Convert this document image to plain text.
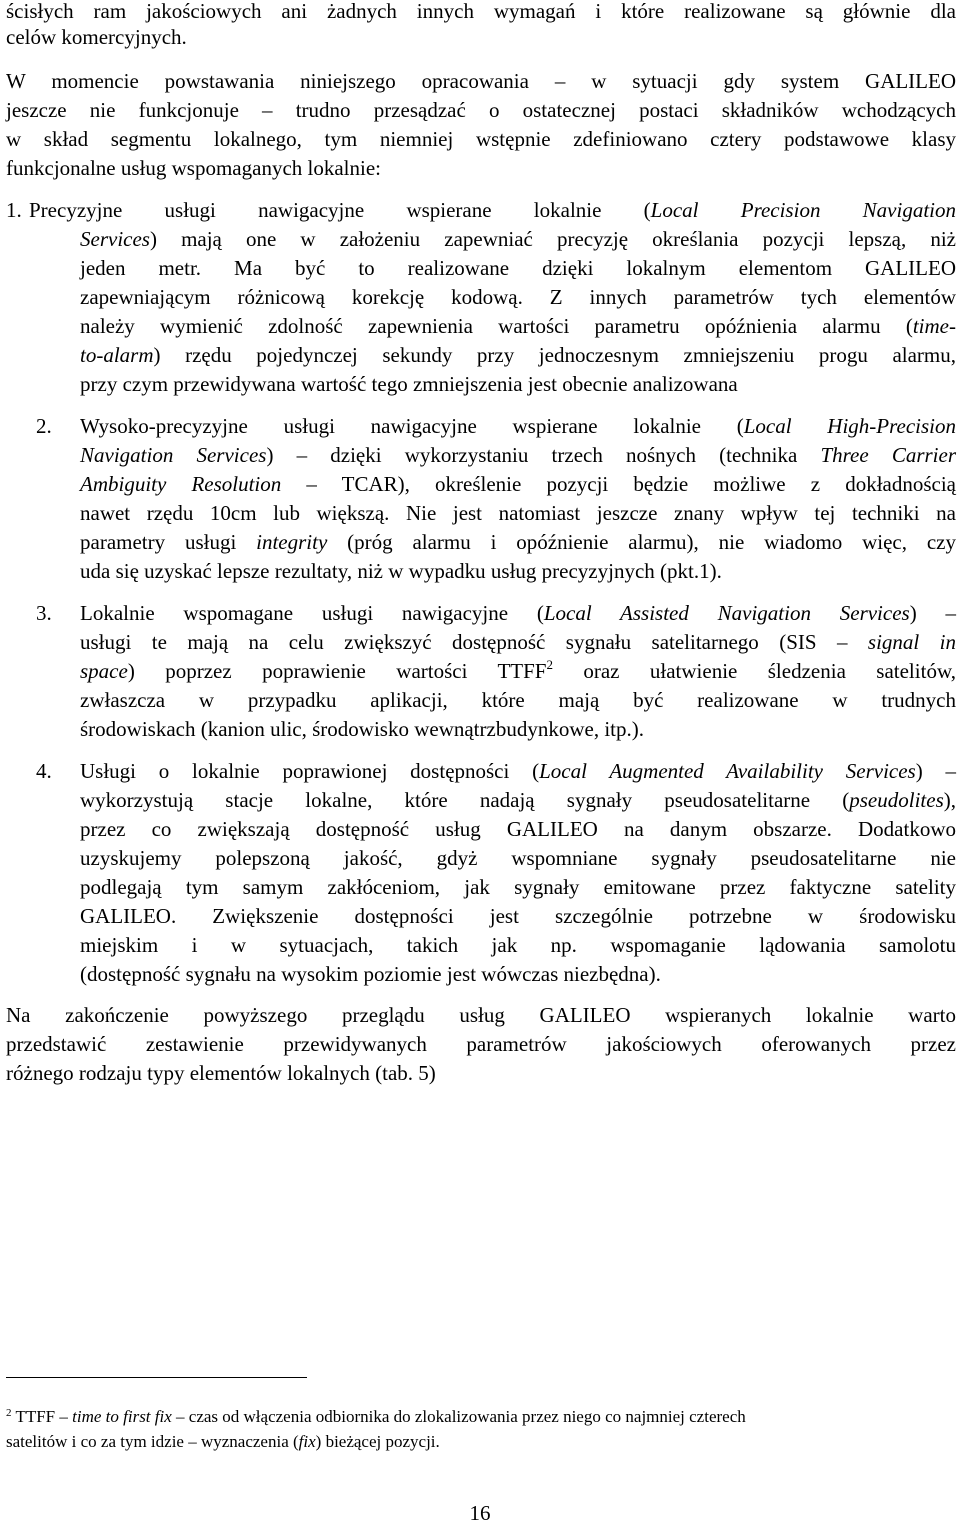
ścisłych ram jakościowych ani żadnych innych wymagań i które realizowane są głównie dla
celów komercyjnych.
W momencie powstawania niniejszego opracowania – w sytuacji gdy system GALILEO
jeszcze nie funkcjonuje – trudno przesądzać o ostatecznej postaci składników wchodzących
w skład segmentu lokalnego, tym niemniej wstępnie zdefiniowano cztery podstawowe klasy
funkcjonalne usług wspomaganych lokalnie:
1. Precyzyjne usługi nawigacyjne wspierane lokalnie (Local Precision Navigation
Services) mają one w założeniu zapewniać precyzję określania pozycji lepszą, niż
jeden metr. Ma być to realizowane dzięki lokalnym elementom GALILEO
zapewniającym różnicową korekcję kodową. Z innych parametrów tych elementów
należy wymienić zdolność zapewnienia wartości parametru opóźnienia alarmu (time-
to-alarm) rzędu pojedynczej sekundy przy jednoczesnym zmniejszeniu progu alarmu,
przy czym przewidywana wartość tego zmniejszenia jest obecnie analizowana
2. Wysoko-precyzyjne usługi nawigacyjne wspierane lokalnie (Local High-Precision
Navigation Services) – dzięki wykorzystaniu trzech nośnych (technika Three Carrier
Ambiguity Resolution – TCAR), określenie pozycji będzie możliwe z dokładnością
nawet rzędu 10cm lub większą. Nie jest natomiast jeszcze znany wpływ tej techniki na
parametry usługi integrity (próg alarmu i opóźnienie alarmu), nie wiadomo więc, czy
uda się uzyskać lepsze rezultaty, niż w wypadku usług precyzyjnych (pkt.1).
3. Lokalnie wspomagane usługi nawigacyjne (Local Assisted Navigation Services) –
usługi te mają na celu zwiększyć dostępność sygnału satelitarnego (SIS – signal in
space) poprzez poprawienie wartości TTFF$^2$ oraz ułatwienie śledzenia satelitów,
zwłaszcza w przypadku aplikacji, które mają być realizowane w trudnych
środowiskach (kanion ulic, środowisko wewnątrzbudynkowe, itp.).
4. Usługi o lokalnie poprawionej dostępności (Local Augmented Availability Services) –
wykorzystują stacje lokalne, które nadają sygnały pseudosatelitarne (pseudolites),
przez co zwiększają dostępność usług GALILEO na danym obszarze. Dodatkowo
uzyskujemy polepszoną jakość, gdyż wspomniane sygnały pseudosatelitarne nie
podlegają tym samym zakłóceniom, jak sygnały emitowane przez faktyczne satelity
GALILEO. Zwiększenie dostępności jest szczególnie potrzebne w środowisku
miejskim i w sytuacjach, takich jak np. wspomaganie lądowania samolotu
(dostępność sygnału na wysokim poziomie jest wówczas niezbędna).
Na zakończenie powyższego przeglądu usług GALILEO wspieranych lokalnie warto
przedstawić zestawienie przewidywanych parametrów jakościowych oferowanych przez
różnego rodzaju typy elementów lokalnych (tab. 5)
$^2$ TTFF – time to first fix – czas od włączenia odbiornika do zlokalizowania przez niego co najmniej czterech
satelitów i co za tym idzie – wyznaczenia (fix) bieżącej pozycji.
16
